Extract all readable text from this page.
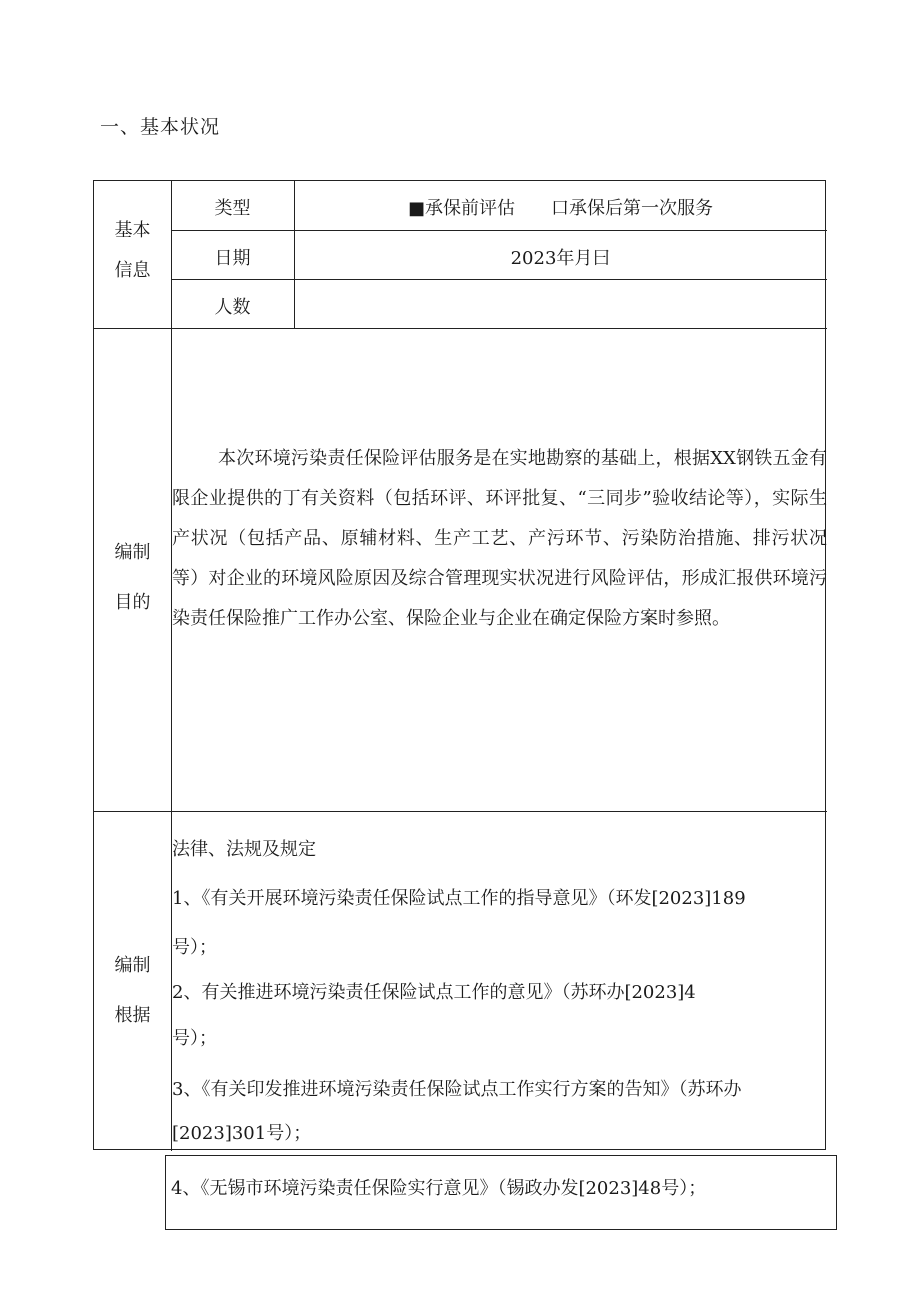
一、基本状况
基本
信息
类型	■承保前评估　　口承保后第一次服务
日期	2023年月曰
人数
编制
目的
本次环境污染责任保险评估服务是在实地勘察的基础上，根据XX钢铁五金有限企业提供的丁有关资料（包括环评、环评批复、“三同步”验收结论等），实际生产状况（包括产品、原辅材料、生产工艺、产污环节、污染防治措施、排污状况等）对企业的环境风险原因及综合管理现实状况进行风险评估，形成汇报供环境污染责任保险推广工作办公室、保险企业与企业在确定保险方案时参照。
编制
根据
法律、法规及规定
1、《有关开展环境污染责任保险试点工作的指导意见》（环发[2023]189
号）；
2、有关推进环境污染责任保险试点工作的意见》（苏环办[2023]4
号）；
3、《有关印发推进环境污染责任保险试点工作实行方案的告知》（苏环办
[2023]301号）；
4、《无锡市环境污染责任保险实行意见》（锡政办发[2023]48号）；
